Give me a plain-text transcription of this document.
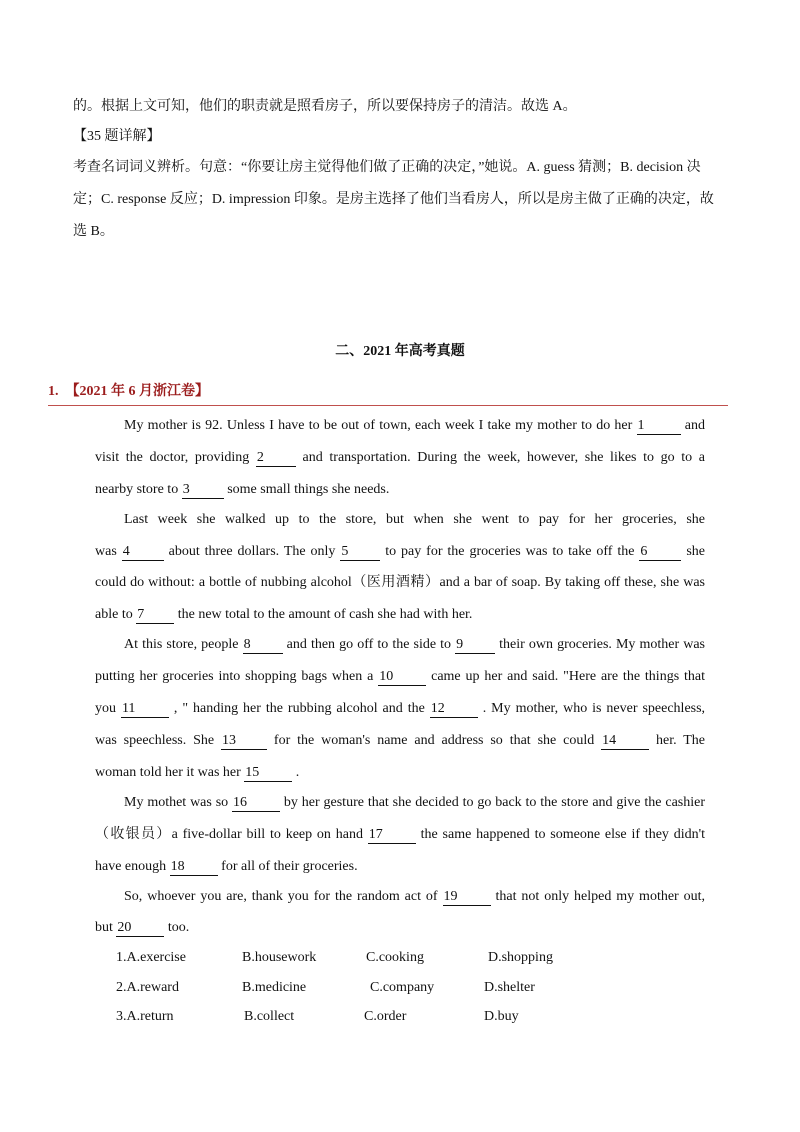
的。根据上文可知，他们的职责就是照看房子，所以要保持房子的清洁。故选 A。
【35 题详解】
考查名词词义辨析。句意：“你要让房主觉得他们做了正确的决定，”她说。A. guess 猜测；B. decision 决
定；C. response 反应；D. impression 印象。是房主选择了他们当看房人，所以是房主做了正确的决定，故
选 B。
二、2021 年高考真题
1.　【2021 年 6 月浙江卷】
My mother is 92. Unless I have to be out of town, each week I take my mother to do her 1	and
visit the doctor, providing 2	and transportation. During the week, however, she likes to go to a
nearby store to 3	some small things she needs.
Last week she walked up to the store, but when she went to pay for her groceries, she
was 4	about three dollars. The only 5	to pay for the groceries was to take off the 6	she
could do without: a bottle of nubbing alcohol（医用酒精）and a bar of soap. By taking off these, she was
able to 7 the new total to the amount of cash she had with her.
At this store, people 8	and then go off to the side to 9	their own groceries. My mother was
putting her groceries into shopping bags when a 10	came up her and said. "Here are the things that
you 11	, " handing her the rubbing alcohol and the 12	. My mother, who is never speechless,
was speechless. She 13	for the woman's name and address so that she could 14	her. The
woman told her it was her 15	.
My mothet was so 16	by her gesture that she decided to go back to the store and give the cashier
（收银员）a five-dollar bill to keep on hand 17	the same happened to someone else if they didn't
have enough 18	for all of their groceries.
So, whoever you are, thank you for the random act of 19	that not only helped my mother out,
but 20	too.
1.A.exercise	B.housework	C.cooking	D.shopping
2.A.reward	B.medicine	C.company	D.shelter
3.A.return	B.collect	C.order	D.buy
